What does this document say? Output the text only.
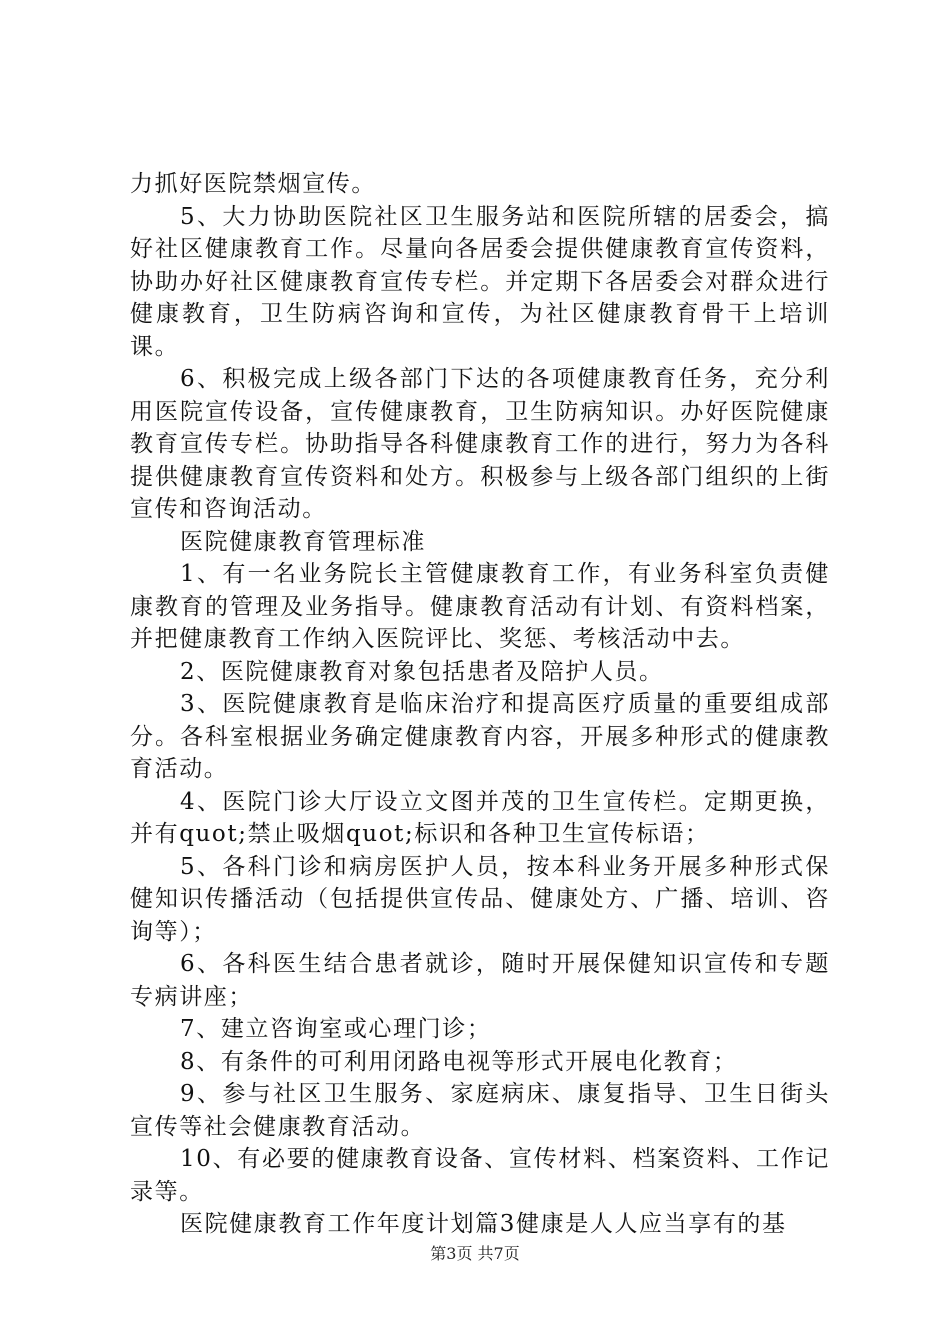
力抓好医院禁烟宣传。

5、大力协助医院社区卫生服务站和医院所辖的居委会，搞好社区健康教育工作。尽量向各居委会提供健康教育宣传资料，协助办好社区健康教育宣传专栏。并定期下各居委会对群众进行健康教育，卫生防病咨询和宣传，为社区健康教育骨干上培训课。

6、积极完成上级各部门下达的各项健康教育任务，充分利用医院宣传设备，宣传健康教育，卫生防病知识。办好医院健康教育宣传专栏。协助指导各科健康教育工作的进行，努力为各科提供健康教育宣传资料和处方。积极参与上级各部门组织的上街宣传和咨询活动。

医院健康教育管理标准

1、有一名业务院长主管健康教育工作，有业务科室负责健康教育的管理及业务指导。健康教育活动有计划、有资料档案，并把健康教育工作纳入医院评比、奖惩、考核活动中去。

2、医院健康教育对象包括患者及陪护人员。

3、医院健康教育是临床治疗和提高医疗质量的重要组成部分。各科室根据业务确定健康教育内容，开展多种形式的健康教育活动。

4、医院门诊大厅设立文图并茂的卫生宣传栏。定期更换，并有quot;禁止吸烟quot;标识和各种卫生宣传标语；

5、各科门诊和病房医护人员，按本科业务开展多种形式保健知识传播活动（包括提供宣传品、健康处方、广播、培训、咨询等）；

6、各科医生结合患者就诊，随时开展保健知识宣传和专题专病讲座；

7、建立咨询室或心理门诊；

8、有条件的可利用闭路电视等形式开展电化教育；

9、参与社区卫生服务、家庭病床、康复指导、卫生日街头宣传等社会健康教育活动。

10、有必要的健康教育设备、宣传材料、档案资料、工作记录等。

医院健康教育工作年度计划篇3健康是人人应当享有的基

第3页 共7页
